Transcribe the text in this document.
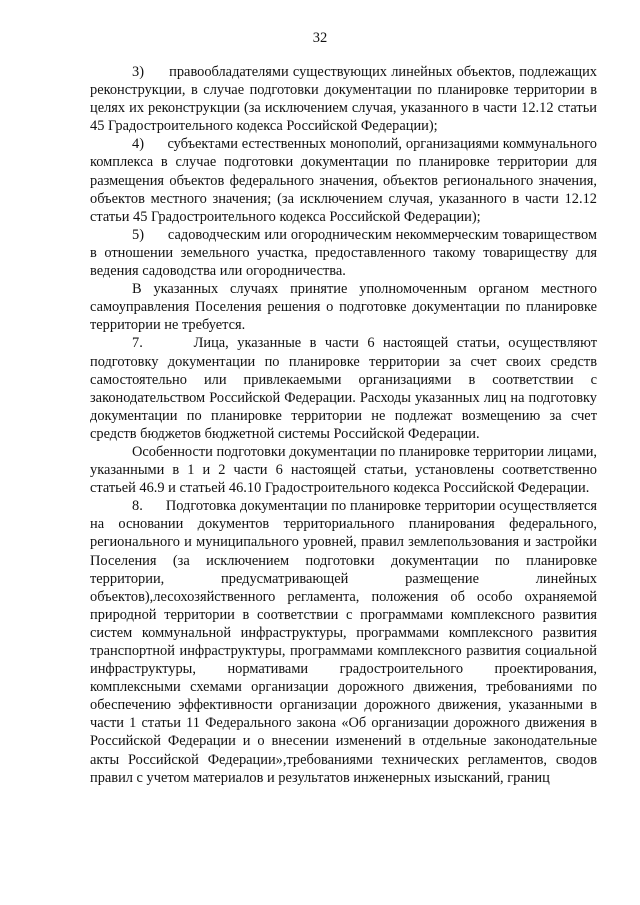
32

3)      правообладателями существующих линейных объектов, подлежащих реконструкции, в случае подготовки документации по планировке территории в целях их реконструкции (за исключением случая, указанного в части 12.12 статьи 45 Градостроительного кодекса Российской Федерации);

4)      субъектами естественных монополий, организациями коммунального комплекса в случае подготовки документации по планировке территории для размещения объектов федерального значения, объектов регионального значения, объектов местного значения; (за исключением случая, указанного в части 12.12 статьи 45 Градостроительного кодекса Российской Федерации);

5)      садоводческим или огородническим некоммерческим товариществом в отношении земельного участка, предоставленного такому товариществу для ведения садоводства или огородничества.

В указанных случаях принятие уполномоченным органом местного самоуправления Поселения решения о подготовке документации по планировке территории не требуется.

7.      Лица, указанные в части 6 настоящей статьи, осуществляют подготовку документации по планировке территории за счет своих средств самостоятельно или привлекаемыми организациями в соответствии с законодательством Российской Федерации. Расходы указанных лиц на подготовку документации по планировке территории не подлежат возмещению за счет средств бюджетов бюджетной системы Российской Федерации.

Особенности подготовки документации по планировке территории лицами, указанными в 1 и 2 части 6 настоящей статьи, установлены соответственно статьей 46.9 и статьей 46.10 Градостроительного кодекса Российской Федерации.

8.      Подготовка документации по планировке территории осуществляется на основании документов территориального планирования федерального, регионального и муниципального уровней, правил землепользования и застройки Поселения (за исключением подготовки документации по планировке территории, предусматривающей размещение линейных объектов),лесохозяйственного регламента, положения об особо охраняемой природной территории в соответствии с программами комплексного развития систем коммунальной инфраструктуры, программами комплексного развития транспортной инфраструктуры, программами комплексного развития социальной инфраструктуры, нормативами градостроительного проектирования, комплексными схемами организации дорожного движения, требованиями по обеспечению эффективности организации дорожного движения, указанными в части 1 статьи 11 Федерального закона «Об организации дорожного движения в Российской Федерации и о внесении изменений в отдельные законодательные акты Российской Федерации»,требованиями технических регламентов, сводов правил с учетом материалов и результатов инженерных изысканий, границ
